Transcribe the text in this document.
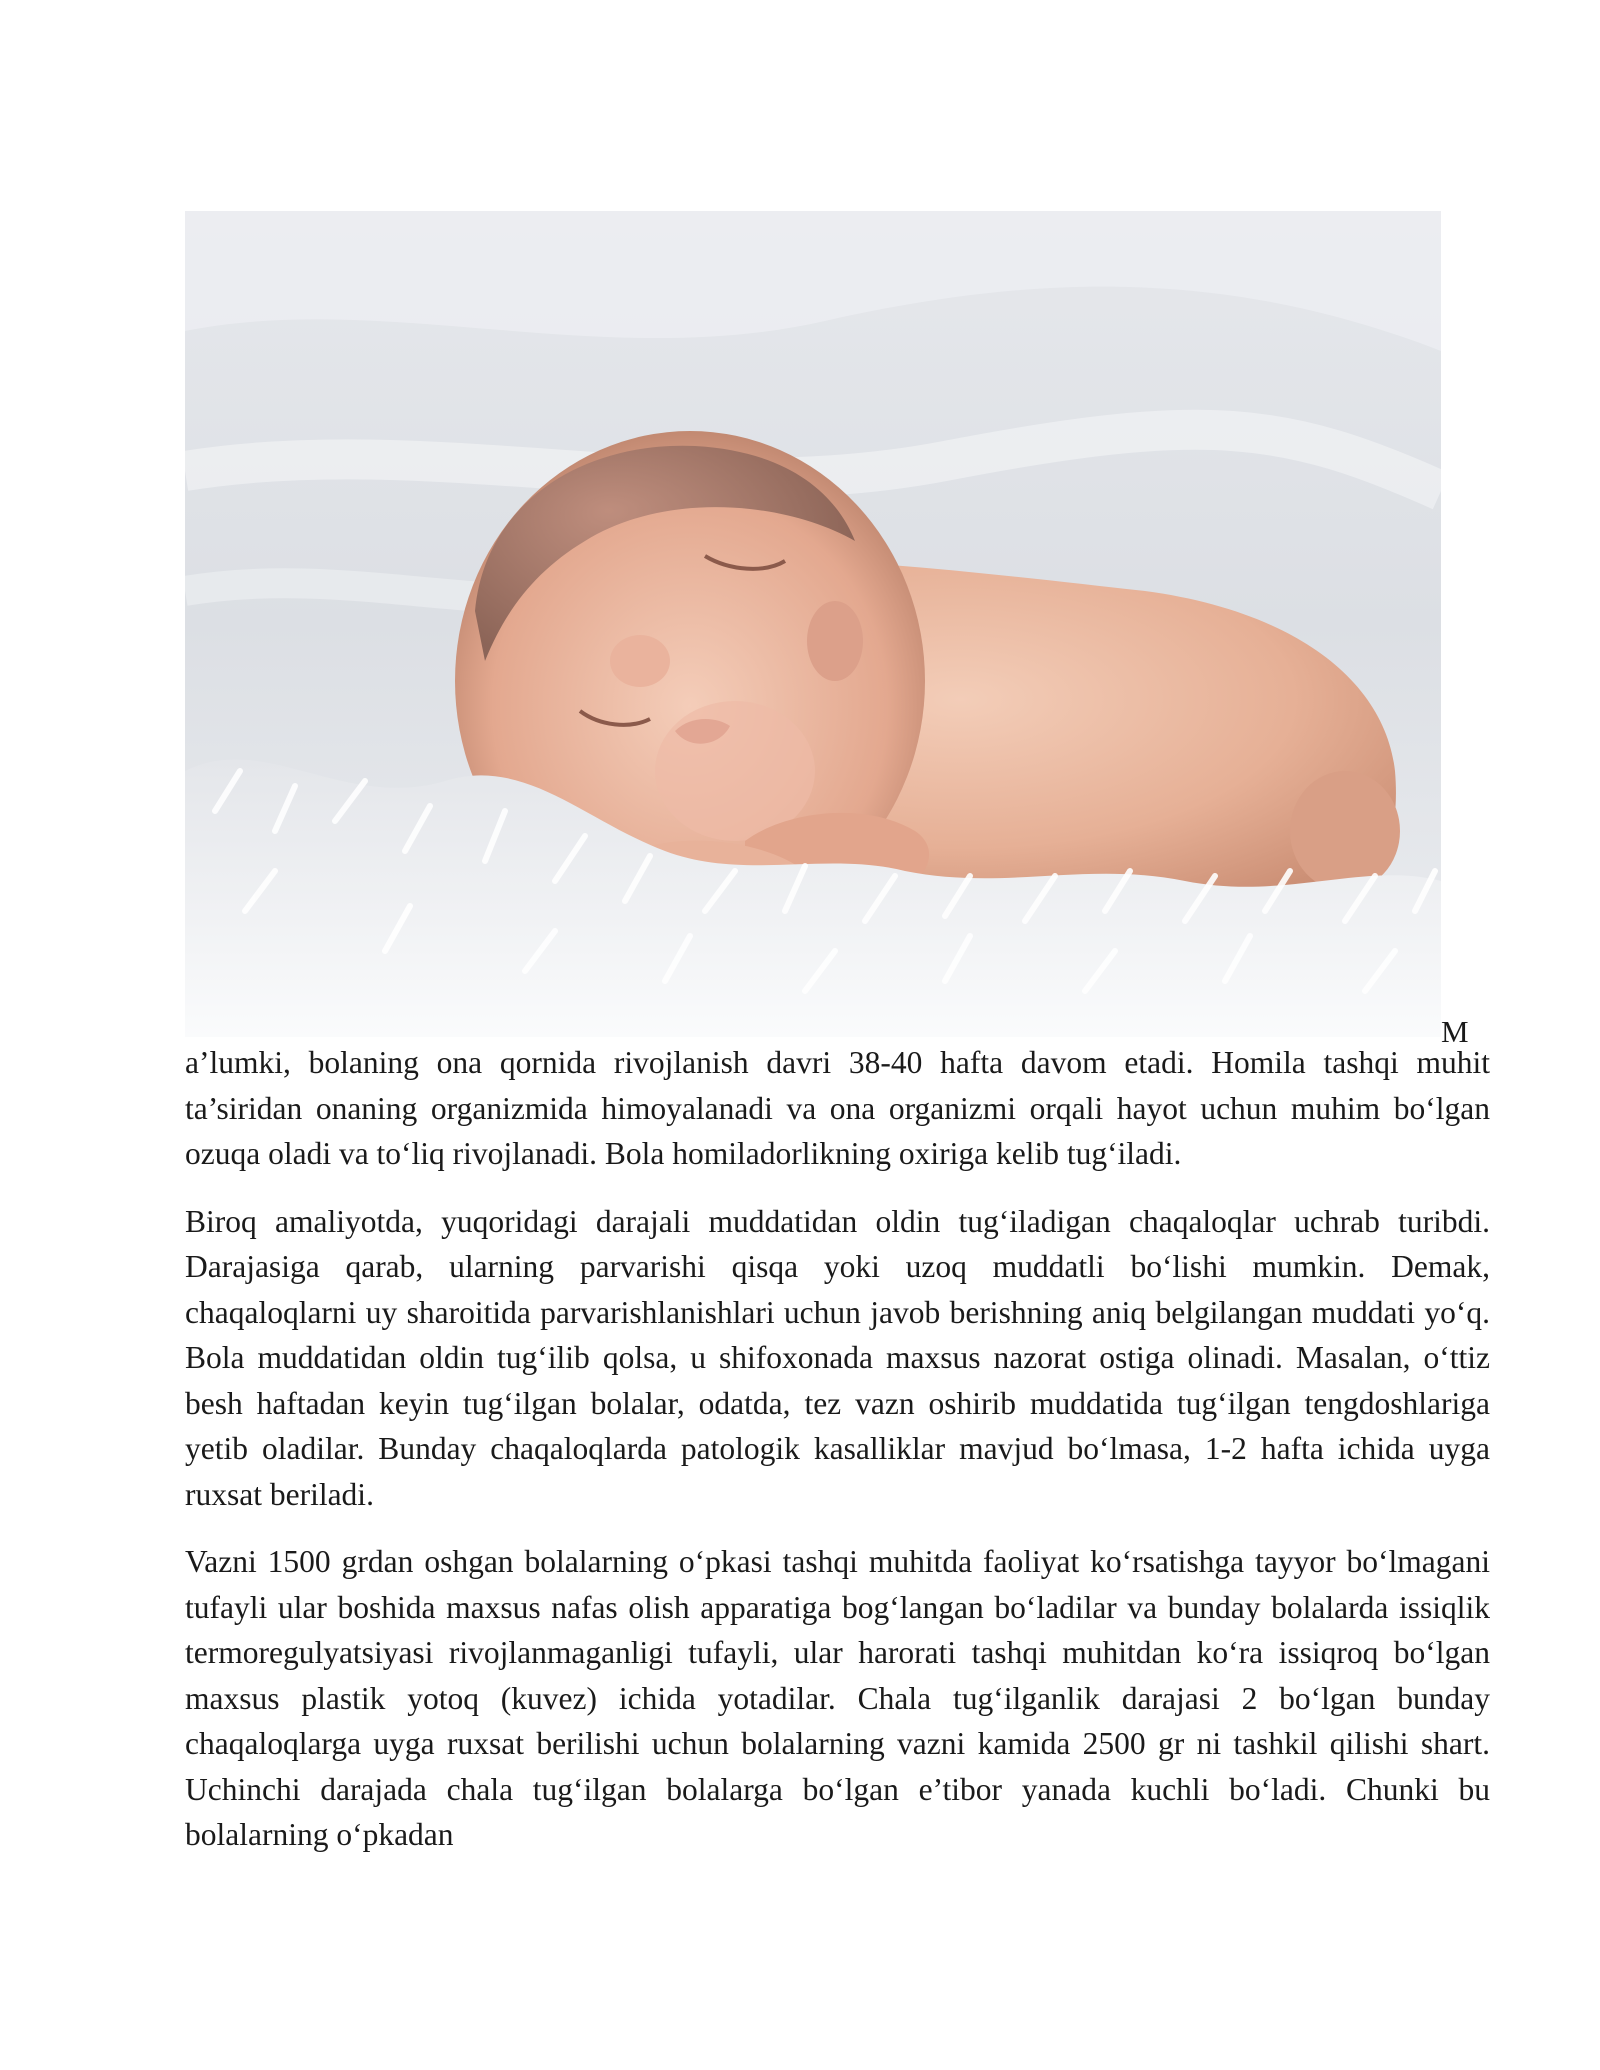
M

a’lumki, bolaning ona qornida rivojlanish davri 38-40 hafta davom etadi. Homila tashqi muhit ta’siridan onaning organizmida himoyalanadi va ona organizmi orqali hayot uchun muhim bo‘lgan ozuqa oladi va to‘liq rivojlanadi. Bola homiladorlikning oxiriga kelib tug‘iladi.

Biroq amaliyotda, yuqoridagi darajali muddatidan oldin tug‘iladigan chaqaloqlar uchrab turibdi. Darajasiga qarab, ularning parvarishi qisqa yoki uzoq muddatli bo‘lishi mumkin. Demak, chaqaloqlarni uy sharoitida parvarishlanishlari uchun javob berishning aniq belgilangan muddati yo‘q. Bola muddatidan oldin tug‘ilib qolsa, u shifoxonada maxsus nazorat ostiga olinadi. Masalan, o‘ttiz besh haftadan keyin tug‘ilgan bolalar, odatda, tez vazn oshirib muddatida tug‘ilgan tengdoshlariga yetib oladilar. Bunday chaqaloqlarda patologik kasalliklar mavjud bo‘lmasa, 1-2 hafta ichida uyga ruxsat beriladi.

Vazni 1500 grdan oshgan bolalarning o‘pkasi tashqi muhitda faoliyat ko‘rsatishga tayyor bo‘lmagani tufayli ular boshida maxsus nafas olish apparatiga bog‘langan bo‘ladilar va bunday bolalarda issiqlik termoregulyatsiyasi rivojlanmaganligi tufayli, ular harorati tashqi muhitdan ko‘ra issiqroq bo‘lgan maxsus plastik yotoq (kuvez) ichida yotadilar. Chala tug‘ilganlik darajasi 2 bo‘lgan bunday chaqaloqlarga uyga ruxsat berilishi uchun bolalarning vazni kamida 2500 gr ni tashkil qilishi shart. Uchinchi darajada chala tug‘ilgan bolalarga bo‘lgan e’tibor yanada kuchli bo‘ladi. Chunki bu bolalarning o‘pkadan
